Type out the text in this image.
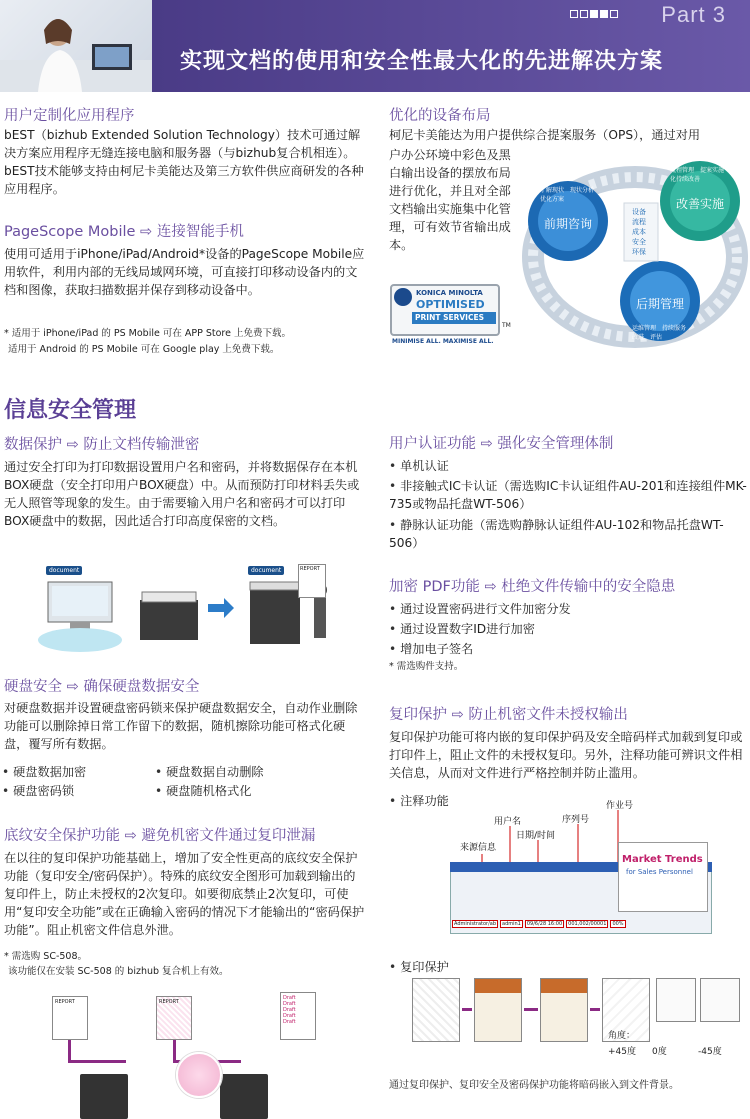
Part 3
实现文档的使用和安全性最大化的先进解决方案
用户定制化应用程序
bEST（bizhub Extended Solution Technology）技术可通过解决方案应用程序无缝连接电脑和服务器（与bizhub复合机相连）。bEST技术能够支持由柯尼卡美能达及第三方软件供应商研发的各种应用程序。
PageScope Mobile ⇨ 连接智能手机
使用可适用于iPhone/iPad/Android*设备的PageScope Mobile应用软件，利用内部的无线局域网环境，可直接打印移动设备内的文档和图像，获取扫描数据并保存到移动设备中。
* 适用于 iPhone/iPad 的 PS Mobile 可在 APP Store 上免费下载。
适用于 Android 的 PS Mobile 可在 Google play 上免费下载。
优化的设备布局
柯尼卡美能达为用户提供综合提案服务（OPS），通过对用
户办公环境中彩色及黑白输出设备的摆放布局进行优化，并且对全部文档输出实施集中化管理，可有效节省输出成本。
KONICA MINOLTA
OPTIMISED
PRINT SERVICES
TM
MINIMISE ALL. MAXIMISE ALL.
前期咨询
改善实施
后期管理
了解现状　现状分析　优化方案
流程管理　提案实施　优化持续改善
运维管理　持续服务　改进　评估
设备
流程
成本
安全
环保
信息安全管理
数据保护 ⇨ 防止文档传输泄密
通过安全打印为打印数据设置用户名和密码，并将数据保存在本机BOX硬盘（安全打印用户BOX硬盘）中。从而预防打印材料丢失或无人照管等现象的发生。由于需要输入用户名和密码才可以打印BOX硬盘中的数据，因此适合打印高度保密的文档。
document	document	REPORT
硬盘安全 ⇨ 确保硬盘数据安全
对硬盘数据并设置硬盘密码锁来保护硬盘数据安全，自动作业删除功能可以删除掉日常工作留下的数据，随机擦除功能可格式化硬盘，覆写所有数据。
• 硬盘数据加密	• 硬盘数据自动删除
• 硬盘密码锁	• 硬盘随机格式化
底纹安全保护功能 ⇨ 避免机密文件通过复印泄漏
在以往的复印保护功能基础上，增加了安全性更高的底纹安全保护功能（复印安全/密码保护）。特殊的底纹安全图形可加载到输出的复印件上，防止未授权的2次复印。如要彻底禁止2次复印，可使用“复印安全功能”或在正确输入密码的情况下才能输出的“密码保护功能”。阻止机密文件信息外泄。
* 需选购 SC-508。
该功能仅在安装 SC-508 的 bizhub 复合机上有效。
REPORT	REPORT
Draft
Draft
Draft
Draft
Draft
用户认证功能 ⇨ 强化安全管理体制
• 单机认证
• 非接触式IC卡认证（需选购IC卡认证组件AU-201和连接组件MK-735或物品托盘WT-506）
• 静脉认证功能（需选购静脉认证组件AU-102和物品托盘WT-506）
加密 PDF功能 ⇨ 杜绝文件传输中的安全隐患
• 通过设置密码进行文件加密分发
• 通过设置数字ID进行加密
• 增加电子签名
* 需选购件支持。
复印保护 ⇨ 防止机密文件未授权输出
复印保护功能可将内嵌的复印保护码及安全暗码样式加载到复印或打印件上，阻止文件的未授权复印。另外，注释功能可辨识文件相关信息，从而对文件进行严格控制并防止滥用。
• 注释功能	作业号
序列号
用户名
日期/时间
来源信息
Market Trends
for Sales Personnel
Administrator/ab	admin1	09/6/28 16:00	001,002/00001	00%
• 复印保护
角度：
+45度 0度	-45度
通过复印保护、复印安全及密码保护功能将暗码嵌入到文件背景。
